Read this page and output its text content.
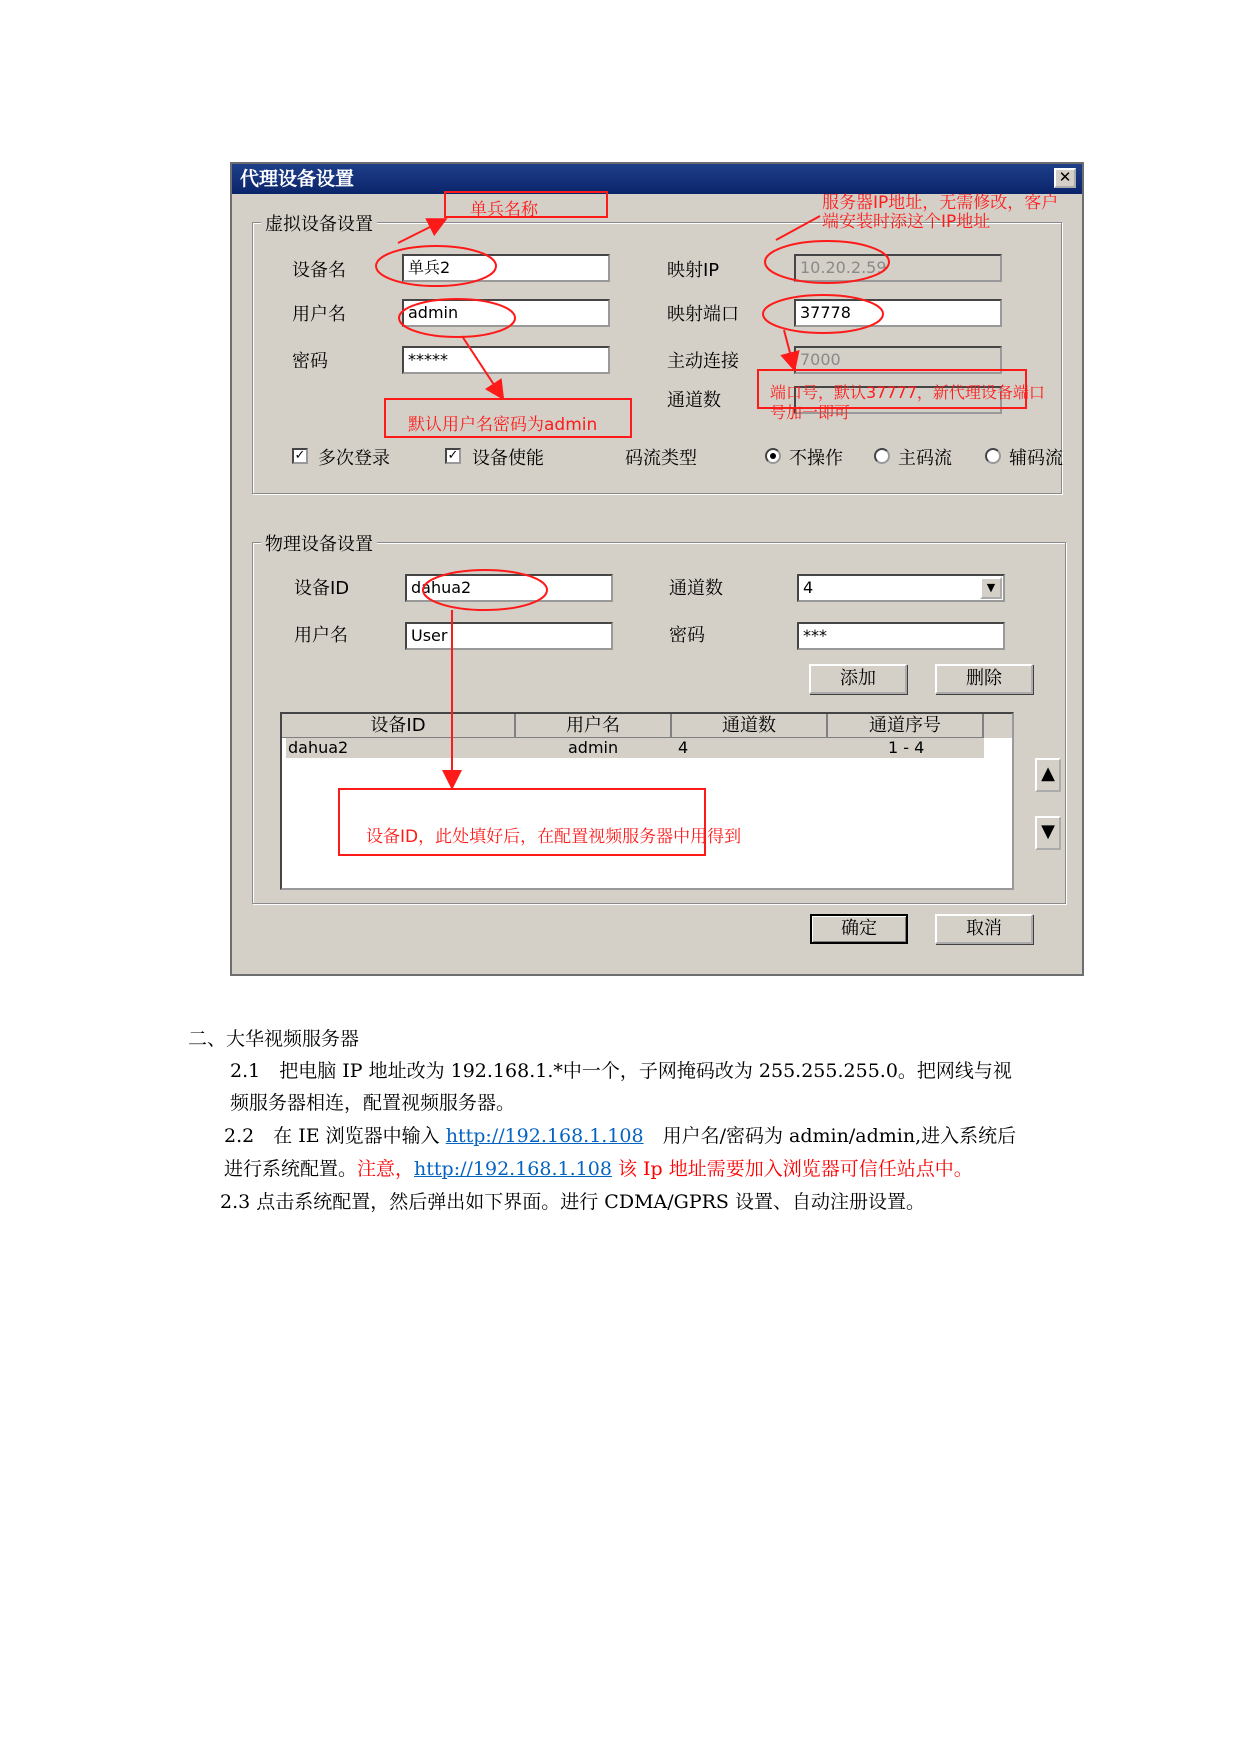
代理设备设置	✕
虚拟设备设置
设备名	单兵2
用户名	admin
密码	*****
映射IP	10.20.2.59
映射端口	37778
主动连接	7000
通道数
✓ 多次登录	✓ 设备使能	码流类型	不操作	主码流	辅码流
物理设备设置
设备ID	dahua2	通道数	4	▼
用户名	User	密码	***
添加	删除
设备ID	用户名	通道数	通道序号
dahua2	admin	4	1 - 4
▲
▼
确定	取消
单兵名称	服务器IP地址，无需修改，客户
端安装时添这个IP地址
默认用户名密码为admin
端口号，默认37777，新代理设备端口
号加一即可
设备ID，此处填好后，在配置视频服务器中用得到
二、大华视频服务器
2.1　把电脑 IP 地址改为 192.168.1.*中一个，子网掩码改为 255.255.255.0。把网线与视
频服务器相连，配置视频服务器。
2.2　在 IE 浏览器中输入 http://192.168.1.108　用户名/密码为 admin/admin,进入系统后
进行系统配置。注意，http://192.168.1.108 该 Ip 地址需要加入浏览器可信任站点中。
2.3 点击系统配置，然后弹出如下界面。进行 CDMA/GPRS 设置、自动注册设置。
